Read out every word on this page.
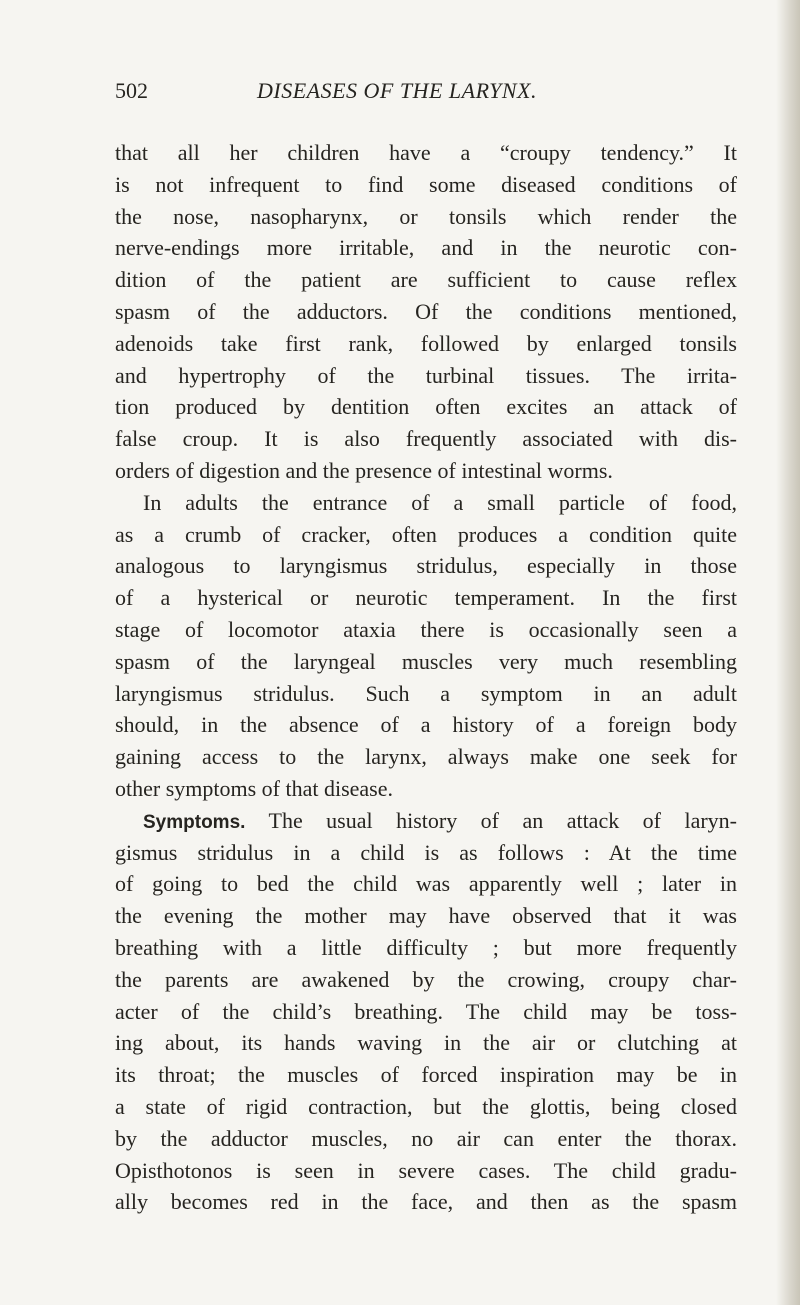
502	DISEASES OF THE LARYNX.
that all her children have a “croupy tendency.” It
is not infrequent to find some diseased conditions of
the nose, nasopharynx, or tonsils which render the
nerve-endings more irritable, and in the neurotic con-
dition of the patient are sufficient to cause reflex
spasm of the adductors. Of the conditions mentioned,
adenoids take first rank, followed by enlarged tonsils
and hypertrophy of the turbinal tissues. The irrita-
tion produced by dentition often excites an attack of
false croup. It is also frequently associated with dis-
orders of digestion and the presence of intestinal worms.
In adults the entrance of a small particle of food,
as a crumb of cracker, often produces a condition quite
analogous to laryngismus stridulus, especially in those
of a hysterical or neurotic temperament. In the first
stage of locomotor ataxia there is occasionally seen a
spasm of the laryngeal muscles very much resembling
laryngismus stridulus. Such a symptom in an adult
should, in the absence of a history of a foreign body
gaining access to the larynx, always make one seek for
other symptoms of that disease.
Symptoms. The usual history of an attack of laryn-
gismus stridulus in a child is as follows : At the time
of going to bed the child was apparently well ; later in
the evening the mother may have observed that it was
breathing with a little difficulty ; but more frequently
the parents are awakened by the crowing, croupy char-
acter of the child’s breathing. The child may be toss-
ing about, its hands waving in the air or clutching at
its throat; the muscles of forced inspiration may be in
a state of rigid contraction, but the glottis, being closed
by the adductor muscles, no air can enter the thorax.
Opisthotonos is seen in severe cases. The child gradu-
ally becomes red in the face, and then as the spasm
